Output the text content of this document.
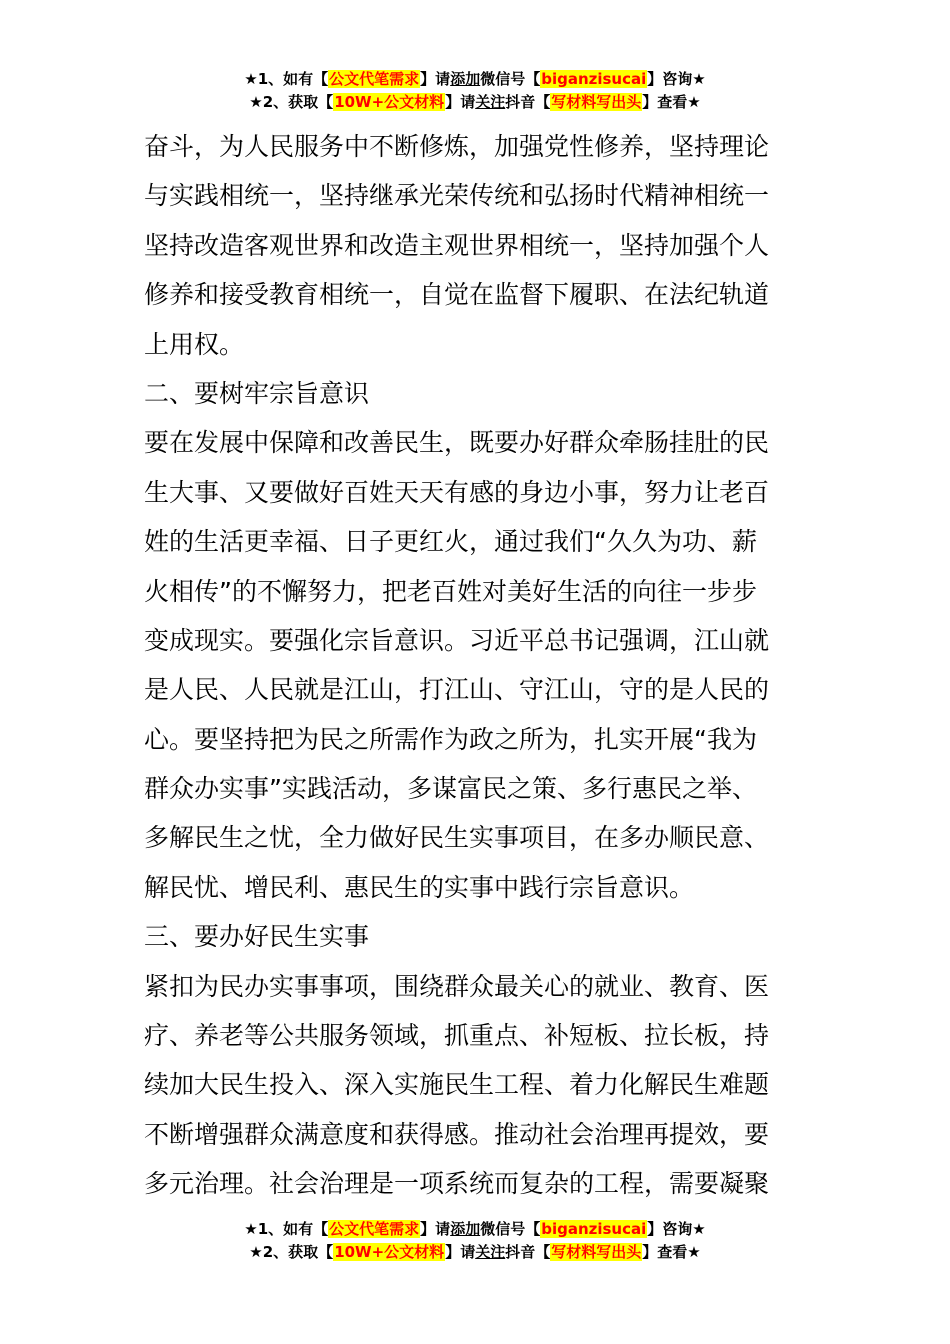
★1、如有【公文代笔需求】请添加微信号【biganzisucai】咨询★
★2、获取【10W+公文材料】请关注抖音【写材料写出头】查看★
奋斗，为人民服务中不断修炼，加强党性修养，坚持理论
与实践相统一，坚持继承光荣传统和弘扬时代精神相统一
坚持改造客观世界和改造主观世界相统一，坚持加强个人
修养和接受教育相统一，自觉在监督下履职、在法纪轨道
上用权。
二、要树牢宗旨意识
要在发展中保障和改善民生，既要办好群众牵肠挂肚的民
生大事、又要做好百姓天天有感的身边小事，努力让老百
姓的生活更幸福、日子更红火，通过我们“久久为功、薪
火相传”的不懈努力，把老百姓对美好生活的向往一步步
变成现实。要强化宗旨意识。习近平总书记强调，江山就
是人民、人民就是江山，打江山、守江山，守的是人民的
心。要坚持把为民之所需作为政之所为，扎实开展“我为
群众办实事”实践活动，多谋富民之策、多行惠民之举、
多解民生之忧，全力做好民生实事项目，在多办顺民意、
解民忧、增民利、惠民生的实事中践行宗旨意识。
三、要办好民生实事
紧扣为民办实事事项，围绕群众最关心的就业、教育、医
疗、养老等公共服务领域，抓重点、补短板、拉长板，持
续加大民生投入、深入实施民生工程、着力化解民生难题
不断增强群众满意度和获得感。推动社会治理再提效，要
多元治理。社会治理是一项系统而复杂的工程，需要凝聚
★1、如有【公文代笔需求】请添加微信号【biganzisucai】咨询★
★2、获取【10W+公文材料】请关注抖音【写材料写出头】查看★
